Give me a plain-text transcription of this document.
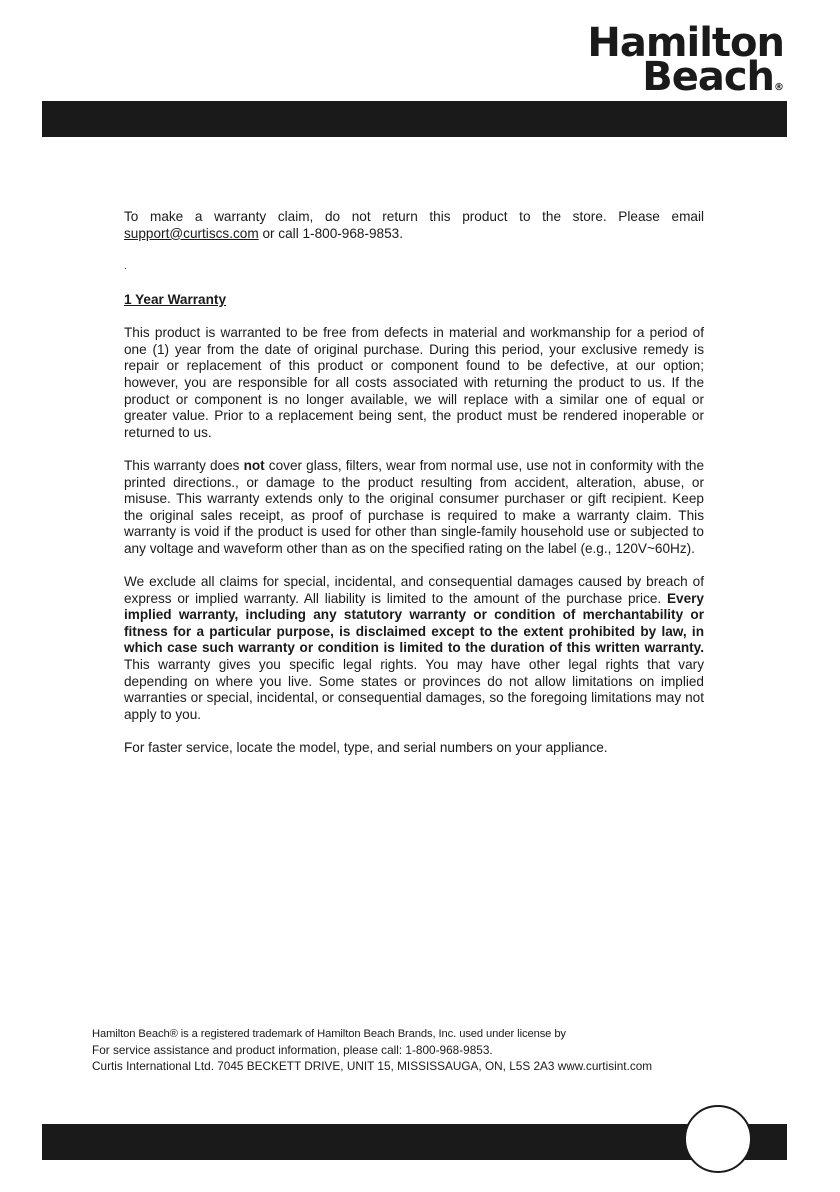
Hamilton
Beach®

To make a warranty claim, do not return this product to the store. Please email support@curtiscs.com or call 1-800-968-9853.

.

1 Year Warranty

This product is warranted to be free from defects in material and workmanship for a period of one (1) year from the date of original purchase. During this period, your exclusive remedy is repair or replacement of this product or component found to be defective, at our option; however, you are responsible for all costs associated with returning the product to us. If the product or component is no longer available, we will replace with a similar one of equal or greater value. Prior to a replacement being sent, the product must be rendered inoperable or returned to us.

This warranty does not cover glass, filters, wear from normal use, use not in conformity with the printed directions., or damage to the product resulting from accident, alteration, abuse, or misuse. This warranty extends only to the original consumer purchaser or gift recipient. Keep the original sales receipt, as proof of purchase is required to make a warranty claim. This warranty is void if the product is used for other than single-family household use or subjected to any voltage and waveform other than as on the specified rating on the label (e.g., 120V~60Hz).

We exclude all claims for special, incidental, and consequential damages caused by breach of express or implied warranty. All liability is limited to the amount of the purchase price. Every implied warranty, including any statutory warranty or condition of merchantability or fitness for a particular purpose, is disclaimed except to the extent prohibited by law, in which case such warranty or condition is limited to the duration of this written warranty. This warranty gives you specific legal rights. You may have other legal rights that vary depending on where you live. Some states or provinces do not allow limitations on implied warranties or special, incidental, or consequential damages, so the foregoing limitations may not apply to you.

For faster service, locate the model, type, and serial numbers on your appliance.

Hamilton Beach® is a registered trademark of Hamilton Beach Brands, Inc. used under license by
For service assistance and product information, please call: 1-800-968-9853.
Curtis International Ltd. 7045 BECKETT DRIVE, UNIT 15, MISSISSAUGA, ON, L5S 2A3 www.curtisint.com
